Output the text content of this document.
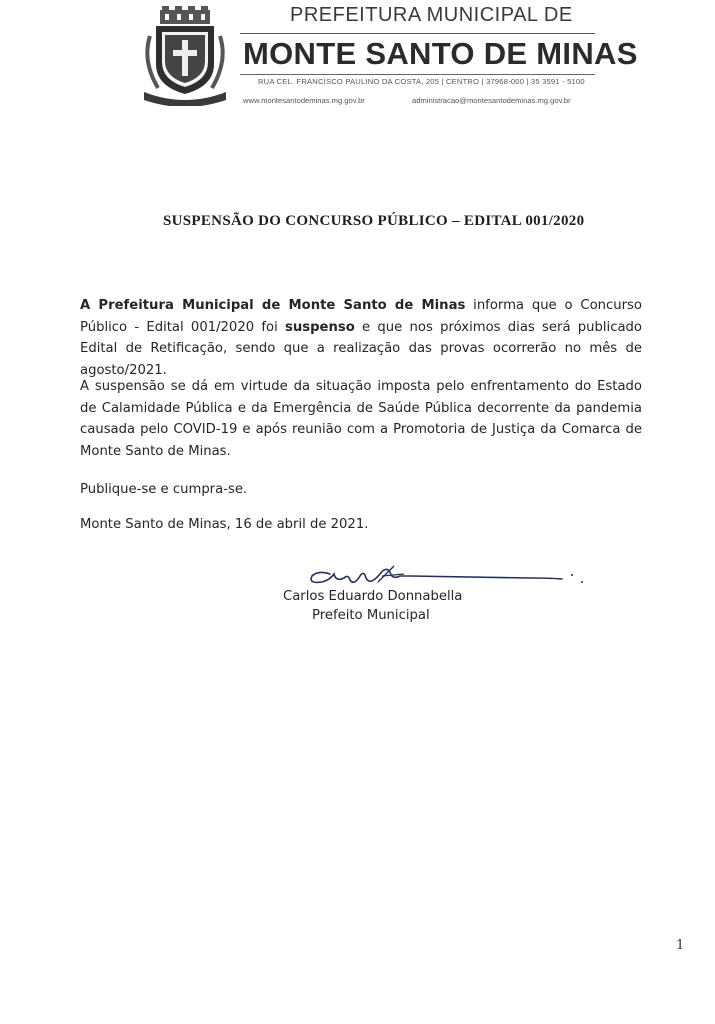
PREFEITURA MUNICIPAL DE
MONTE SANTO DE MINAS
RUA CEL. FRANCISCO PAULINO DA COSTA, 205 | CENTRO | 37968-000 | 35 3591 - 5100
www.montesantodeminas.mg.gov.br	administracao@montesantodeminas.mg.gov.br
SUSPENSÃO DO CONCURSO PÚBLICO – EDITAL 001/2020
A Prefeitura Municipal de Monte Santo de Minas informa que o Concurso Público - Edital 001/2020 foi suspenso e que nos próximos dias será publicado Edital de Retificação, sendo que a realização das provas ocorrerão no mês de agosto/2021.
A suspensão se dá em virtude da situação imposta pelo enfrentamento do Estado de Calamidade Pública e da Emergência de Saúde Pública decorrente da pandemia causada pelo COVID-19 e após reunião com a Promotoria de Justiça da Comarca de Monte Santo de Minas.
Publique-se e cumpra-se.
Monte Santo de Minas, 16 de abril de 2021.
Carlos Eduardo Donnabella
Prefeito Municipal
1
